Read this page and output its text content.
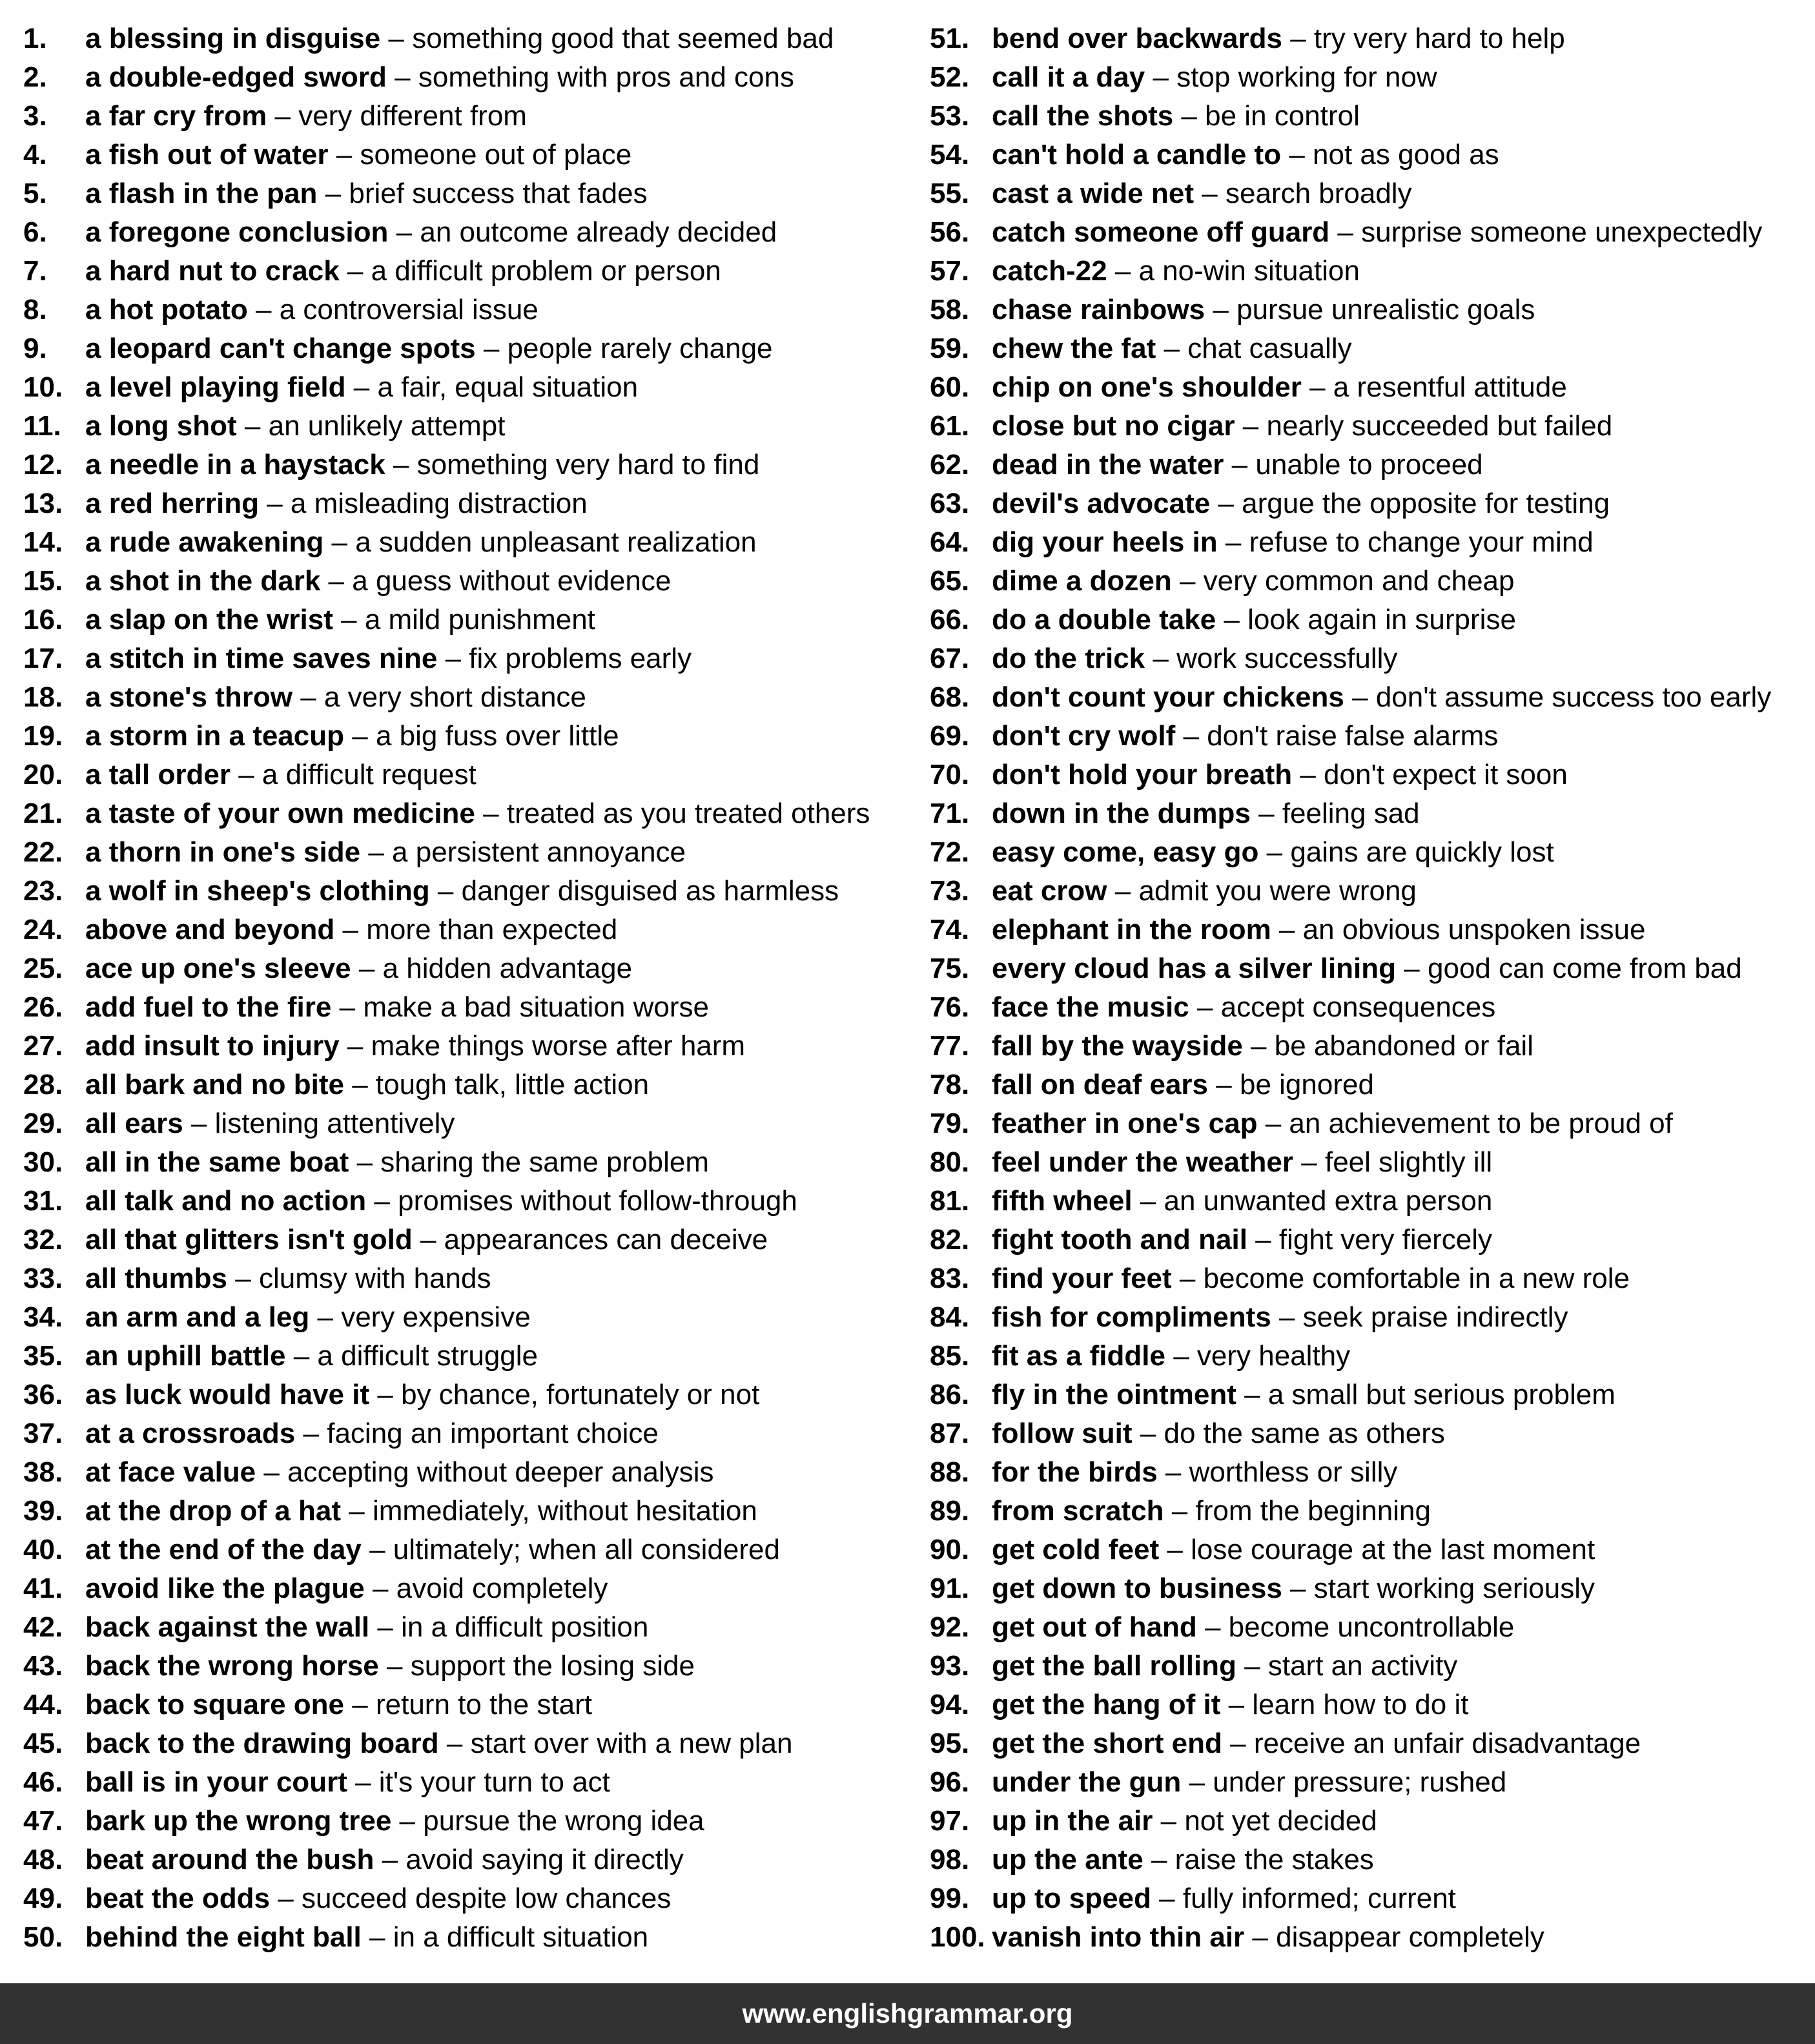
1.	a blessing in disguise – something good that seemed bad
2.	a double-edged sword – something with pros and cons
3.	a far cry from – very different from
4.	a fish out of water – someone out of place
5.	a flash in the pan – brief success that fades
6.	a foregone conclusion – an outcome already decided
7.	a hard nut to crack – a difficult problem or person
8.	a hot potato – a controversial issue
9.	a leopard can't change spots – people rarely change
10. a level playing field – a fair, equal situation
11. a long shot – an unlikely attempt
12. a needle in a haystack – something very hard to find
13. a red herring – a misleading distraction
14. a rude awakening – a sudden unpleasant realization
15. a shot in the dark – a guess without evidence
16. a slap on the wrist – a mild punishment
17. a stitch in time saves nine – fix problems early
18. a stone's throw – a very short distance
19. a storm in a teacup – a big fuss over little
20. a tall order – a difficult request
21. a taste of your own medicine – treated as you treated others
22. a thorn in one's side – a persistent annoyance
23. a wolf in sheep's clothing – danger disguised as harmless
24. above and beyond – more than expected
25. ace up one's sleeve – a hidden advantage
26. add fuel to the fire – make a bad situation worse
27. add insult to injury – make things worse after harm
28. all bark and no bite – tough talk, little action
29. all ears – listening attentively
30. all in the same boat – sharing the same problem
31. all talk and no action – promises without follow-through
32. all that glitters isn't gold – appearances can deceive
33. all thumbs – clumsy with hands
34. an arm and a leg – very expensive
35. an uphill battle – a difficult struggle
36. as luck would have it – by chance, fortunately or not
37. at a crossroads – facing an important choice
38. at face value – accepting without deeper analysis
39. at the drop of a hat – immediately, without hesitation
40. at the end of the day – ultimately; when all considered
41. avoid like the plague – avoid completely
42. back against the wall – in a difficult position
43. back the wrong horse – support the losing side
44. back to square one – return to the start
45. back to the drawing board – start over with a new plan
46. ball is in your court – it's your turn to act
47. bark up the wrong tree – pursue the wrong idea
48. beat around the bush – avoid saying it directly
49. beat the odds – succeed despite low chances
50. behind the eight ball – in a difficult situation
51. bend over backwards – try very hard to help
52. call it a day – stop working for now
53. call the shots – be in control
54. can't hold a candle to – not as good as
55. cast a wide net – search broadly
56. catch someone off guard – surprise someone unexpectedly
57. catch-22 – a no-win situation
58. chase rainbows – pursue unrealistic goals
59. chew the fat – chat casually
60. chip on one's shoulder – a resentful attitude
61. close but no cigar – nearly succeeded but failed
62. dead in the water – unable to proceed
63. devil's advocate – argue the opposite for testing
64. dig your heels in – refuse to change your mind
65. dime a dozen – very common and cheap
66. do a double take – look again in surprise
67. do the trick – work successfully
68. don't count your chickens – don't assume success too early
69. don't cry wolf – don't raise false alarms
70. don't hold your breath – don't expect it soon
71. down in the dumps – feeling sad
72. easy come, easy go – gains are quickly lost
73. eat crow – admit you were wrong
74. elephant in the room – an obvious unspoken issue
75. every cloud has a silver lining – good can come from bad
76. face the music – accept consequences
77. fall by the wayside – be abandoned or fail
78. fall on deaf ears – be ignored
79. feather in one's cap – an achievement to be proud of
80. feel under the weather – feel slightly ill
81. fifth wheel – an unwanted extra person
82. fight tooth and nail – fight very fiercely
83. find your feet – become comfortable in a new role
84. fish for compliments – seek praise indirectly
85. fit as a fiddle – very healthy
86. fly in the ointment – a small but serious problem
87. follow suit – do the same as others
88. for the birds – worthless or silly
89. from scratch – from the beginning
90. get cold feet – lose courage at the last moment
91. get down to business – start working seriously
92. get out of hand – become uncontrollable
93. get the ball rolling – start an activity
94. get the hang of it – learn how to do it
95. get the short end – receive an unfair disadvantage
96. under the gun – under pressure; rushed
97. up in the air – not yet decided
98. up the ante – raise the stakes
99. up to speed – fully informed; current
100. vanish into thin air – disappear completely
www.englishgrammar.org
